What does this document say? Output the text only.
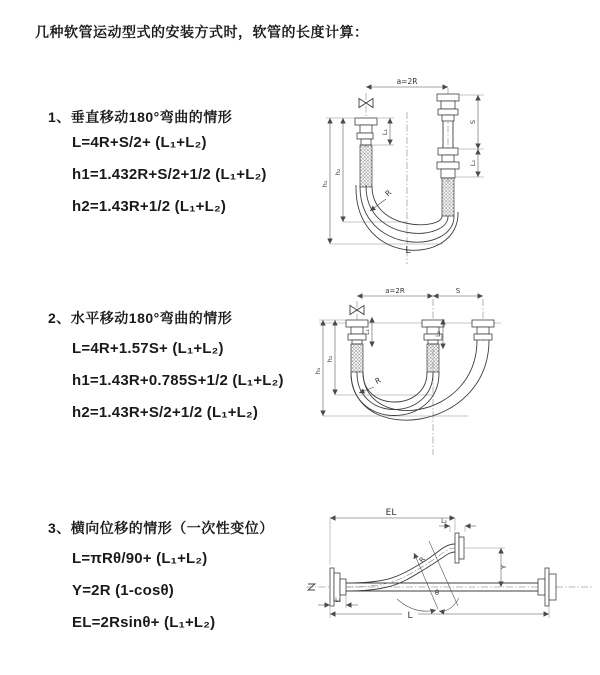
几种软管运动型式的安装方式时，软管的长度计算：
1、垂直移动180°弯曲的情形
L=4R+S/2+ (L₁+L₂)
h1=1.432R+S/2+1/2 (L₁+L₂)
h2=1.43R+1/2 (L₁+L₂)
2、水平移动180°弯曲的情形
L=4R+1.57S+ (L₁+L₂)
h1=1.43R+0.785S+1/2 (L₁+L₂)
h2=1.43R+S/2+1/2 (L₁+L₂)
3、横向位移的情形（一次性变位）
L=πRθ/90+ (L₁+L₂)
Y=2R (1-cosθ)
EL=2Rsinθ+ (L₁+L₂)
a=2R
L₁
S
L₂
h₂
h₁
R
L
a=2R	S
L₁	L₂
h₂
h₁
R
EL
L₂
Y
θ
R
L₁
L
